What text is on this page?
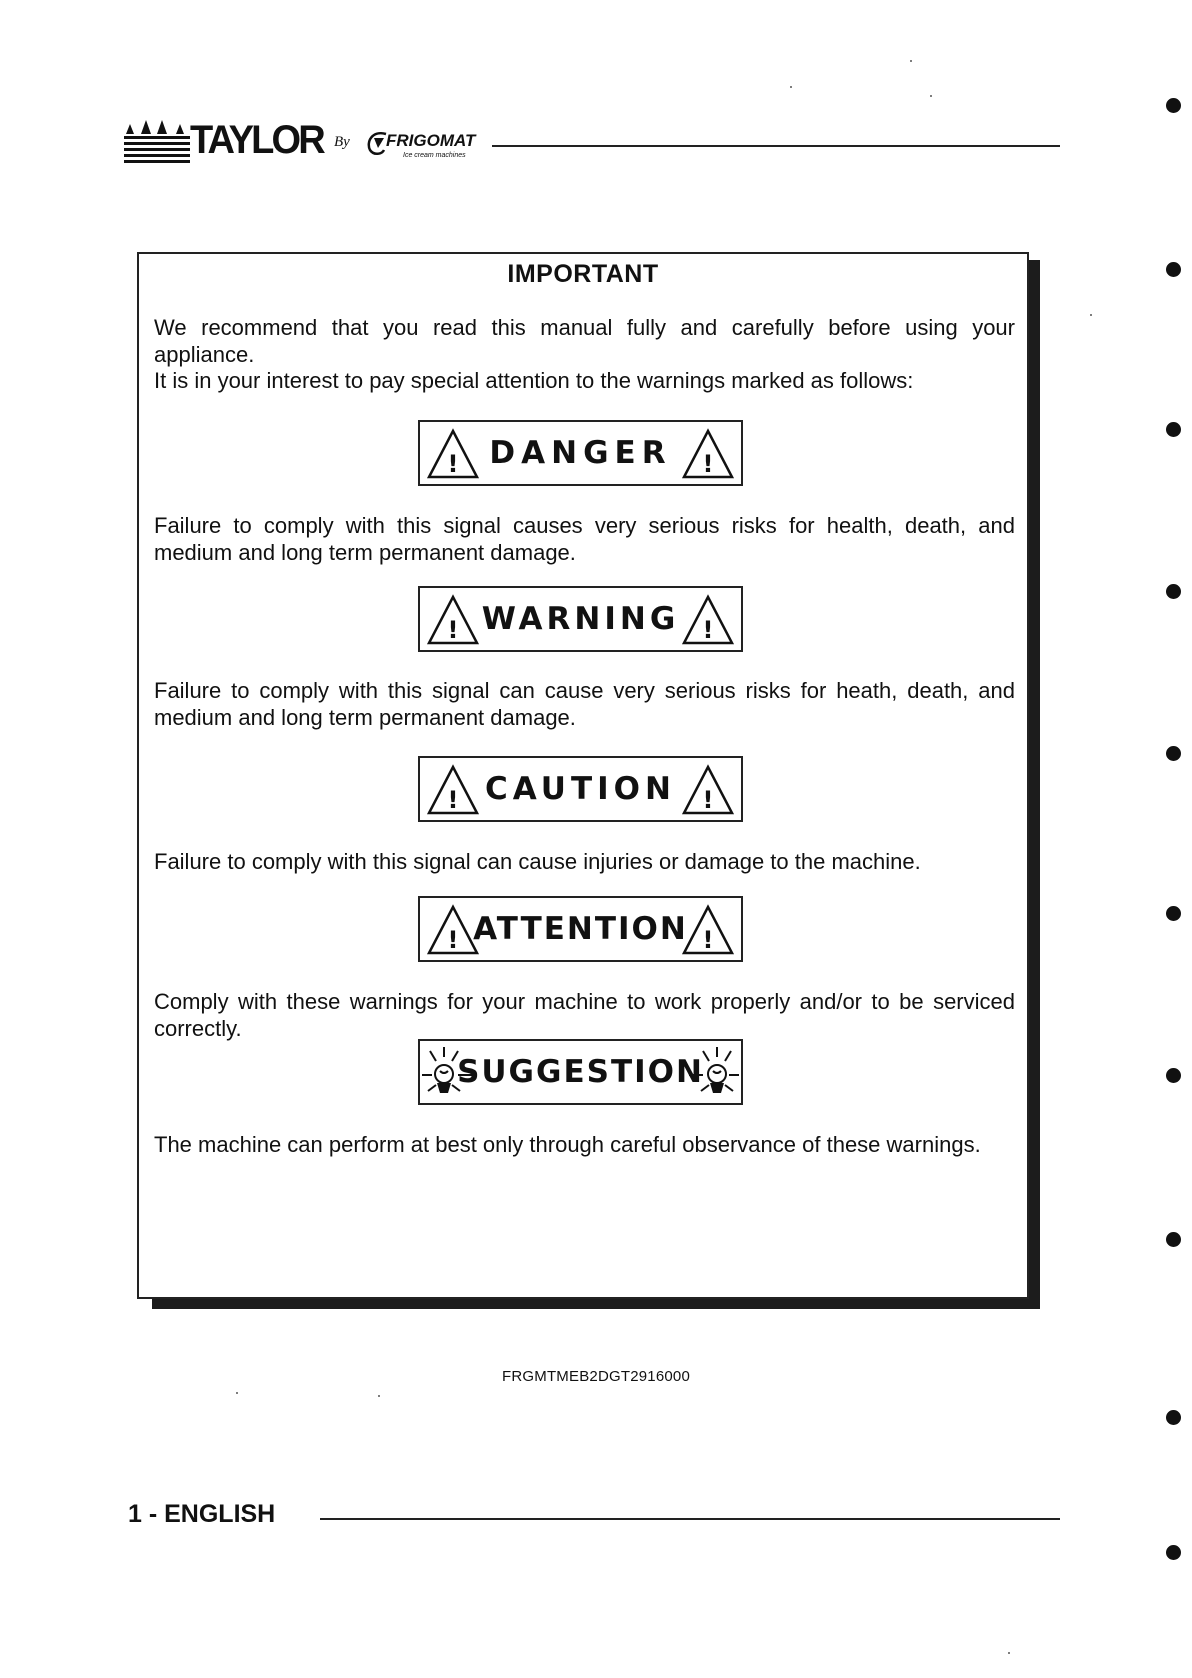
TAYLOR By FRIGOMAT
Ice cream machines
IMPORTANT
We recommend that you read this manual fully and carefully before using your appliance.
It is in your interest to pay special attention to the warnings marked as follows:
! DANGER	!
Failure to comply with this signal causes very serious risks for health, death, and medium and long term permanent damage.
! WARNING !
Failure to comply with this signal can cause very serious risks for heath, death, and medium and long term permanent damage.
! CAUTION	!
Failure to comply with this signal can cause injuries or damage to the machine.
! ATTENTION !
Comply with these warnings for your machine to work properly and/or to be serviced correctly.
SUGGESTION
The machine can perform at best only through careful observance of these warnings.
FRGMTMEB2DGT2916000
1 - ENGLISH
